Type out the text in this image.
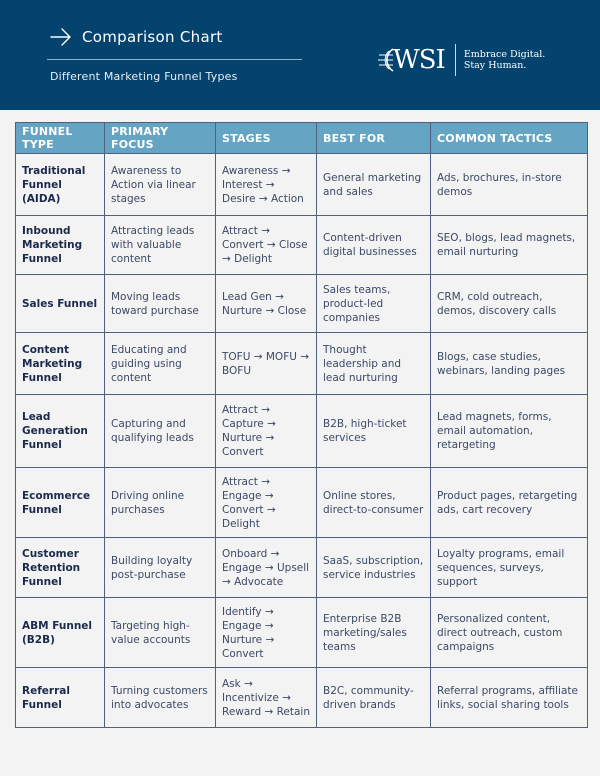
Comparison Chart
Different Marketing Funnel Types
WSI Embrace Digital.
Stay Human.
FUNNEL TYPE	PRIMARY FOCUS	STAGES	BEST FOR	COMMON TACTICS
Traditional Funnel (AIDA)	Awareness to Action via linear stages	Awareness → Interest → Desire → Action	General marketing and sales	Ads, brochures, in-store demos
Inbound Marketing Funnel	Attracting leads with valuable content	Attract → Convert → Close → Delight	Content-driven digital businesses	SEO, blogs, lead magnets, email nurturing
Sales Funnel	Moving leads toward purchase	Lead Gen → Nurture → Close	Sales teams, product-led companies	CRM, cold outreach, demos, discovery calls
Content Marketing Funnel	Educating and guiding using content	TOFU → MOFU → BOFU	Thought leadership and lead nurturing	Blogs, case studies, webinars, landing pages
Lead Generation Funnel	Capturing and qualifying leads	Attract → Capture → Nurture → Convert	B2B, high-ticket services	Lead magnets, forms, email automation, retargeting
Ecommerce Funnel	Driving online purchases	Attract → Engage → Convert → Delight	Online stores, direct-to-consumer	Product pages, retargeting ads, cart recovery
Customer Retention Funnel	Building loyalty post-purchase	Onboard → Engage → Upsell → Advocate	SaaS, subscription, service industries	Loyalty programs, email sequences, surveys, support
ABM Funnel (B2B)	Targeting high-value accounts	Identify → Engage → Nurture → Convert	Enterprise B2B marketing/sales teams	Personalized content, direct outreach, custom campaigns
Referral Funnel	Turning customers into advocates	Ask → Incentivize → Reward → Retain	B2C, community-driven brands	Referral programs, affiliate links, social sharing tools
